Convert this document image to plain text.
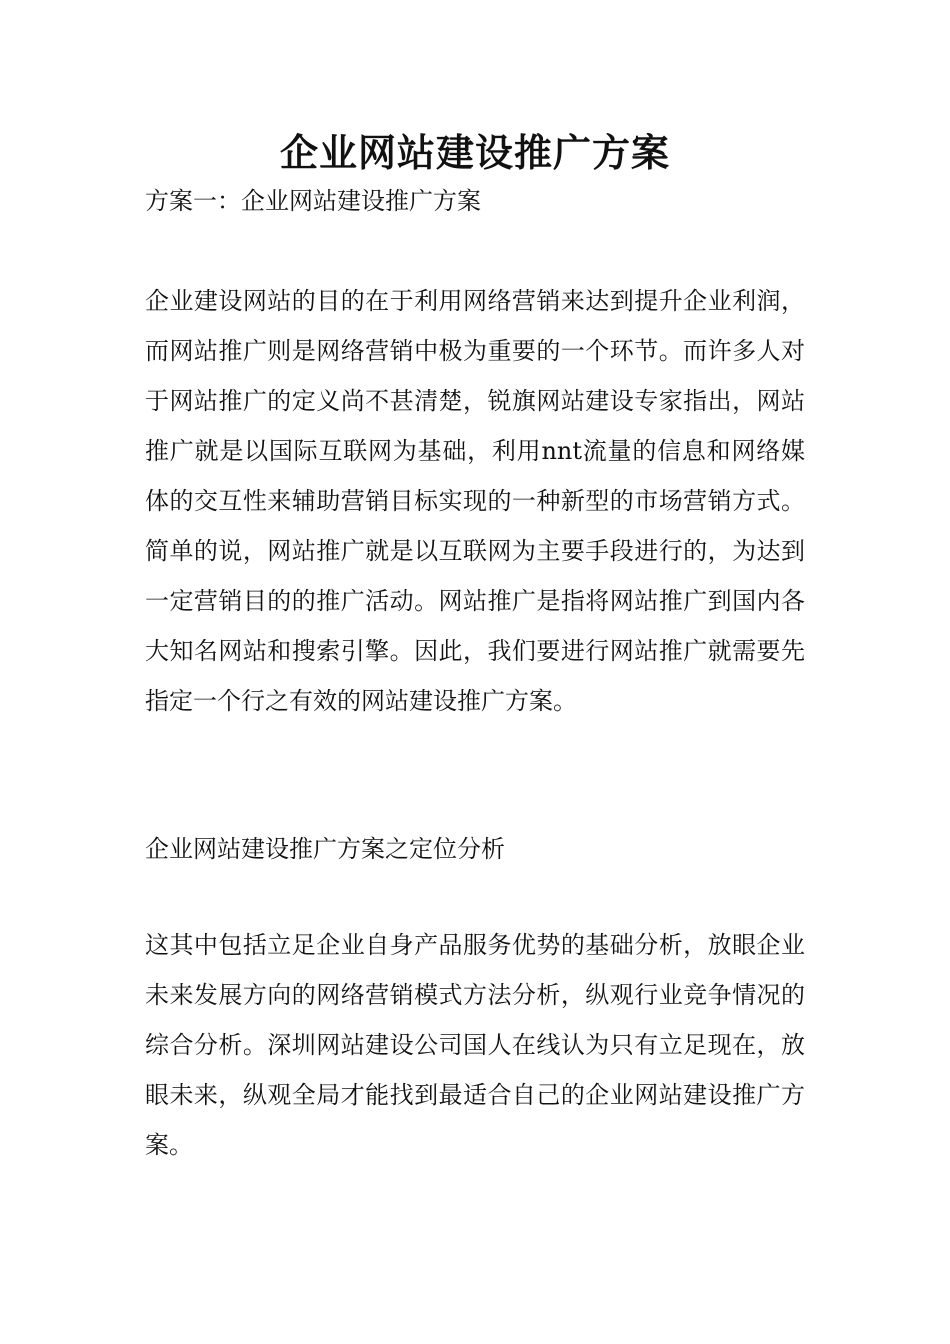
企业网站建设推广方案

方案一：企业网站建设推广方案

企业建设网站的目的在于利用网络营销来达到提升企业利润，而网站推广则是网络营销中极为重要的一个环节。而许多人对于网站推广的定义尚不甚清楚，锐旗网站建设专家指出，网站推广就是以国际互联网为基础，利用nnt流量的信息和网络媒体的交互性来辅助营销目标实现的一种新型的市场营销方式。简单的说，网站推广就是以互联网为主要手段进行的，为达到一定营销目的的推广活动。网站推广是指将网站推广到国内各大知名网站和搜索引擎。因此，我们要进行网站推广就需要先指定一个行之有效的网站建设推广方案。

企业网站建设推广方案之定位分析

这其中包括立足企业自身产品服务优势的基础分析，放眼企业未来发展方向的网络营销模式方法分析，纵观行业竞争情况的综合分析。深圳网站建设公司国人在线认为只有立足现在，放眼未来，纵观全局才能找到最适合自己的企业网站建设推广方案。
